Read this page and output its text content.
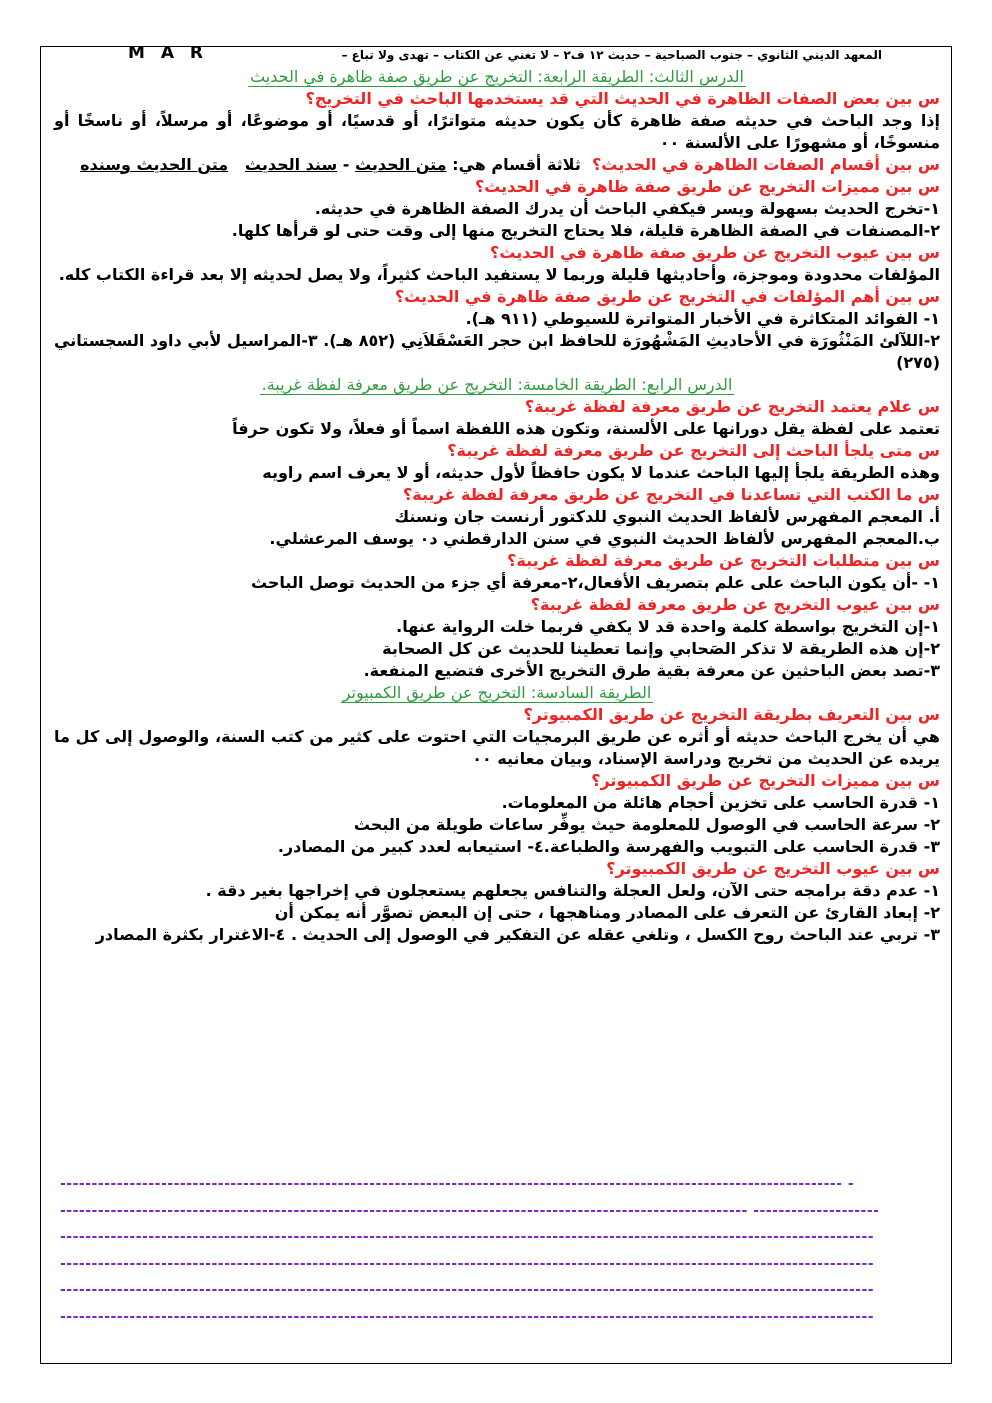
المعهد الديني الثانوي – جنوب الصباحية – حديث ١٢ ف٢ – لا تغني عن الكتاب – تهدى ولا تباع –
M A R

الدرس الثالث: الطريقة الرابعة: التخريج عن طريق صفة ظاهرة في الحديث

س بين بعض الصفات الظاهرة في الحديث التي قد يستخدمها الباحث في التخريج؟

إذا وجد الباحث في حديثه صفة ظاهرة كأن يكون حديثه متواترًا، أو قدسيًا، أو موضوعًا، أو مرسلاً، أو ناسخًا أو منسوخًا، أو مشهورًا على الألسنة ٠٠

س بين أقسام الصفات الظاهرة في الحديث؟  ثلاثة أقسام هي: متن الحديث - سند الحديث   متن الحديث وسنده

س بين مميزات التخريج عن طريق صفة ظاهرة في الحديث؟

١-تخرج الحديث بسهولة ويسر فيكفي الباحث أن يدرك الصفة الظاهرة في حديثه.

٢-المصنفات في الصفة الظاهرة قليلة، فلا يحتاج التخريج منها إلى وقت حتى لو قرأها كلها.

س بين عيوب التخريج عن طريق صفة ظاهرة في الحديث؟

المؤلفات محدودة وموجزة، وأحاديثها قليلة وربما لا يستفيد الباحث كثيراً، ولا يصل لحديثه إلا بعد قراءة الكتاب كله.

س بين أهم المؤلفات في التخريج عن طريق صفة ظاهرة في الحديث؟

١- الفوائد المتكاثرة في الأخبار المتواترة للسيوطي (٩١١ هـ).

٢-اللآلئ المَنْثُورَة في الأحاديثِ المَشْهُورَة للحافظ ابن حجر العَسْقَلاَنِي (٨٥٢ هـ). ٣-المراسيل لأبي داود السجستاني (٢٧٥)

الدرس الرابع: الطريقة الخامسة: التخريج عن طريق معرفة لفظة غريبة.

س علام يعتمد التخريج عن طريق معرفة لفظة غريبة؟

تعتمد على لفظة يقل دورانها على الألسنة، وتكون هذه اللفظة اسماً أو فعلاً، ولا تكون حرفاً

س متى يلجأ الباحث إلى التخريج عن طريق معرفة لفظة غريبة؟

وهذه الطريقة يلجأ إليها الباحث عندما لا يكون حافظاً لأول حديثه، أو لا يعرف اسم راويه

س ما الكتب التي تساعدنا في التخريج عن طريق معرفة لفظة غريبة؟

أ. المعجم المفهرس لألفاظ الحديث النبوي للدكتور أرنست جان ونسنك

ب.المعجم المفهرس لألفاظ الحديث النبوي في سنن الدارقطني د٠ يوسف المرعشلي.

س بين متطلبات التخريج عن طريق معرفة لفظة غريبة؟

١- -أن يكون الباحث على علم بتصريف الأفعال،٢-معرفة أي جزء من الحديث توصل الباحث

س بين عيوب التخريج عن طريق معرفة لفظة غريبة؟

١-إن التخريج بواسطة كلمة واحدة قد لا يكفي فربما خلت الرواية عنها.

٢-إن هذه الطريقة لا تذكر الصَحابي وإنما تعطينا للحديث عن كل الصحابة

٣-تصد بعض الباحثين عن معرفة بقية طرق التخريج الأخرى فتضيع المنفعة.

الطريقة السادسة: التخريج عن طريق الكمبيوتر

س بين التعريف بطريقة التخريج عن طريق الكمبيوتر؟

هي أن يخرج الباحث حديثه أو أثره عن طريق البرمجيات التي احتوت على كثير من كتب السنة، والوصول إلى كل ما يريده عن الحديث من تخريج ودراسة الإسناد، وبيان معانيه ٠٠

س بين مميزات التخريج عن طريق الكمبيوتر؟

١- قدرة الحاسب على تخزين أحجام هائلة من المعلومات.

٢- سرعة الحاسب في الوصول للمعلومة حيث يوفِّر ساعات طويلة من البحث

٣- قدرة الحاسب على التبويب والفهرسة والطباعة.٤- استيعابه لعدد كبير من المصادر.

س بين عيوب التخريج عن طريق الكمبيوتر؟

١- عدم دقة برامجه حتى الآن، ولعل العجلة والتنافس يجعلهم يستعجلون في إخراجها بغير دقة .

٢- إبعاد القارئ عن التعرف على المصادر ومناهجها ، حتى إن البعض تصوَّر أنه يمكن أن

٣- تربي عند الباحث روح الكسل ، وتلغي عقله عن التفكير في الوصول إلى الحديث . ٤-الاغترار بكثرة المصادر

---------------------------------------------------------------------------------------------------------------------------- -
------------------------------------------------------------------------------------------------------------- --------------------
---------------------------------------------------------------------------------------------------------------------------------
---------------------------------------------------------------------------------------------------------------------------------
---------------------------------------------------------------------------------------------------------------------------------
---------------------------------------------------------------------------------------------------------------------------------
